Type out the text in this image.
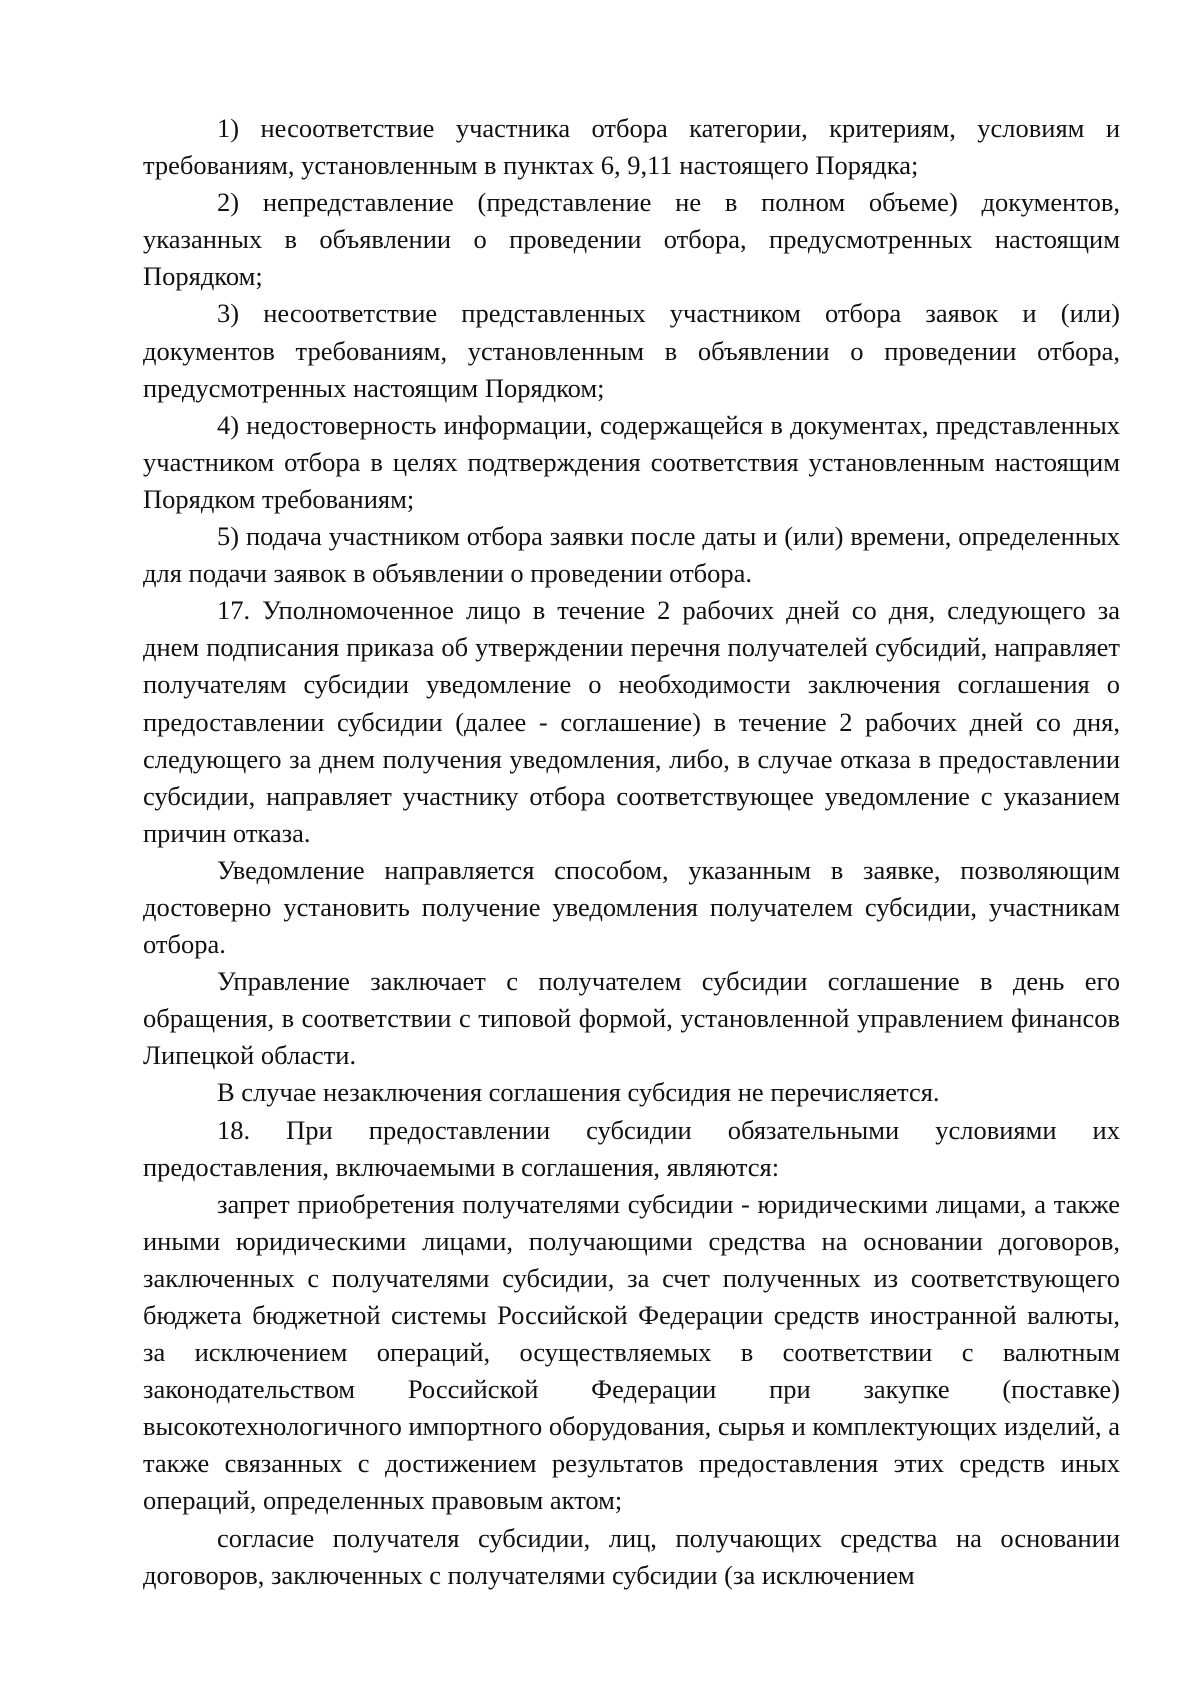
1) несоответствие участника отбора категории, критериям, условиям и требованиям, установленным в пунктах 6, 9,11 настоящего Порядка;

2) непредставление (представление не в полном объеме) документов, указанных в объявлении о проведении отбора, предусмотренных настоящим Порядком;

3) несоответствие представленных участником отбора заявок и (или) документов требованиям, установленным в объявлении о проведении отбора, предусмотренных настоящим Порядком;

4) недостоверность информации, содержащейся в документах, представленных участником отбора в целях подтверждения соответствия установленным настоящим Порядком требованиям;

5) подача участником отбора заявки после даты и (или) времени, определенных для подачи заявок в объявлении о проведении отбора.

17. Уполномоченное лицо в течение 2 рабочих дней со дня, следующего за днем подписания приказа об утверждении перечня получателей субсидий, направляет получателям субсидии уведомление о необходимости заключения соглашения о предоставлении субсидии (далее - соглашение) в течение 2 рабочих дней со дня, следующего за днем получения уведомления, либо, в случае отказа в предоставлении субсидии, направляет участнику отбора соответствующее уведомление с указанием причин отказа.

Уведомление направляется способом, указанным в заявке, позволяющим достоверно установить получение уведомления получателем субсидии, участникам отбора.

Управление заключает с получателем субсидии соглашение в день его обращения, в соответствии с типовой формой, установленной управлением финансов Липецкой области.

В случае незаключения соглашения субсидия не перечисляется.

18. При предоставлении субсидии обязательными условиями их предоставления, включаемыми в соглашения, являются:

запрет приобретения получателями субсидии - юридическими лицами, а также иными юридическими лицами, получающими средства на основании договоров, заключенных с получателями субсидии, за счет полученных из соответствующего бюджета бюджетной системы Российской Федерации средств иностранной валюты, за исключением операций, осуществляемых в соответствии с валютным законодательством Российской Федерации при закупке (поставке) высокотехнологичного импортного оборудования, сырья и комплектующих изделий, а также связанных с достижением результатов предоставления этих средств иных операций, определенных правовым актом;

согласие получателя субсидии, лиц, получающих средства на основании договоров, заключенных с получателями субсидии (за исключением
